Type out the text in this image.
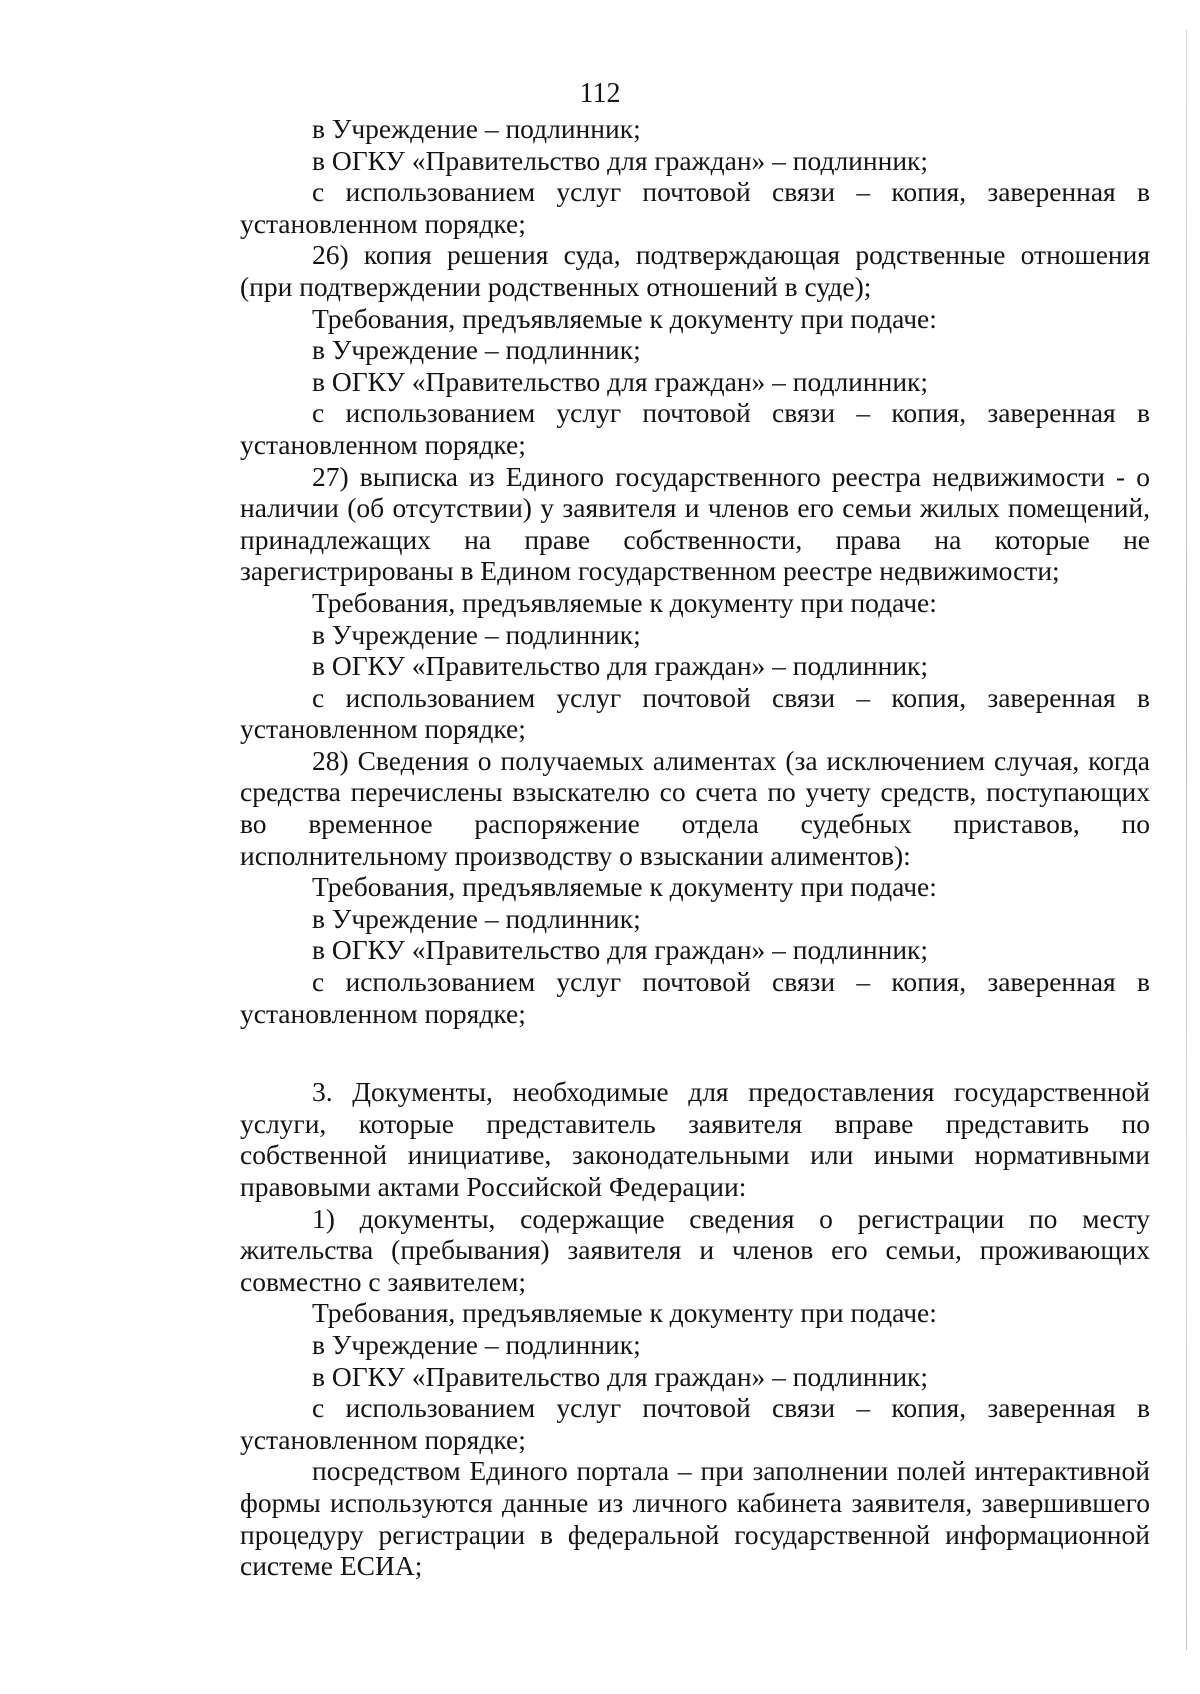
112

в Учреждение – подлинник;

в ОГКУ «Правительство для граждан» – подлинник;

с использованием услуг почтовой связи – копия, заверенная в установленном порядке;

26) копия решения суда, подтверждающая родственные отношения (при подтверждении родственных отношений в суде);

Требования, предъявляемые к документу при подаче:

в Учреждение – подлинник;

в ОГКУ «Правительство для граждан» – подлинник;

с использованием услуг почтовой связи – копия, заверенная в установленном порядке;

27) выписка из Единого государственного реестра недвижимости - о наличии (об отсутствии) у заявителя и членов его семьи жилых помещений, принадлежащих на праве собственности, права на которые не зарегистрированы в Едином государственном реестре недвижимости;

Требования, предъявляемые к документу при подаче:

в Учреждение – подлинник;

в ОГКУ «Правительство для граждан» – подлинник;

с использованием услуг почтовой связи – копия, заверенная в установленном порядке;

28) Сведения о получаемых алиментах (за исключением случая, когда средства перечислены взыскателю со счета по учету средств, поступающих во временное распоряжение отдела судебных приставов, по исполнительному производству о взыскании алиментов):

Требования, предъявляемые к документу при подаче:

в Учреждение – подлинник;

в ОГКУ «Правительство для граждан» – подлинник;

с использованием услуг почтовой связи – копия, заверенная в установленном порядке;

3. Документы, необходимые для предоставления государственной услуги, которые представитель заявителя вправе представить по собственной инициативе, законодательными или иными нормативными правовыми актами Российской Федерации:

1) документы, содержащие сведения о регистрации по месту жительства (пребывания) заявителя и членов его семьи, проживающих совместно с заявителем;

Требования, предъявляемые к документу при подаче:

в Учреждение – подлинник;

в ОГКУ «Правительство для граждан» – подлинник;

с использованием услуг почтовой связи – копия, заверенная в установленном порядке;

посредством Единого портала – при заполнении полей интерактивной формы используются данные из личного кабинета заявителя, завершившего процедуру регистрации в федеральной государственной информационной системе ЕСИА;
